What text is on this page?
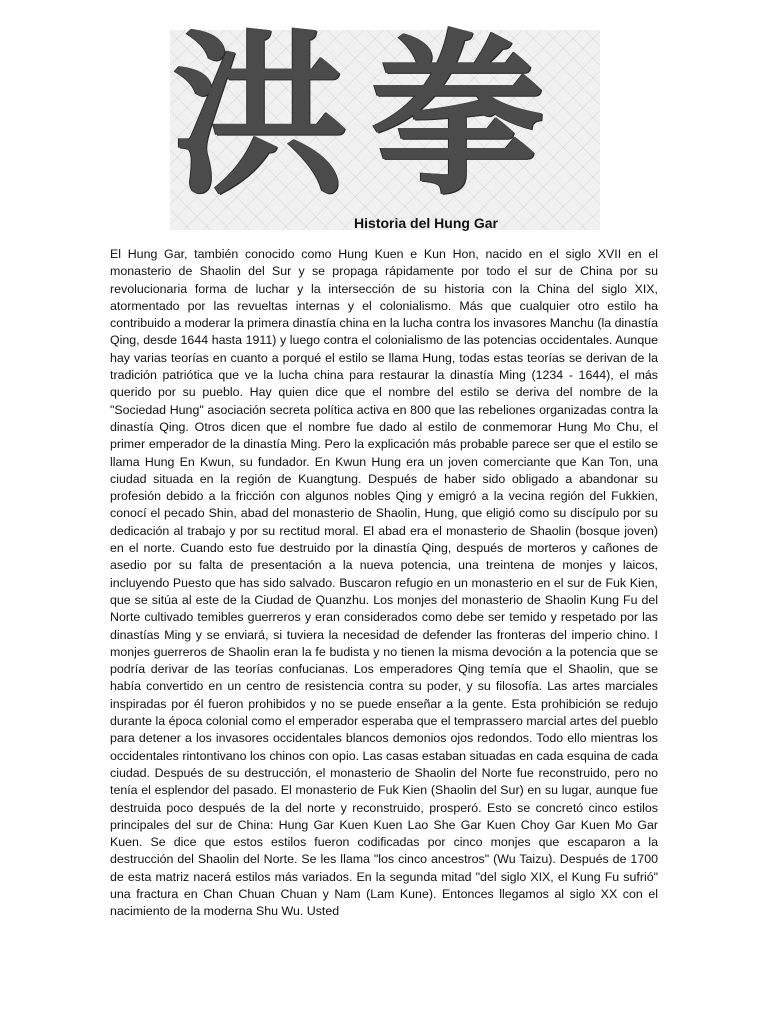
洪拳
Historia del Hung Gar

El Hung Gar, también conocido como Hung Kuen e Kun Hon, nacido en el siglo XVII en el monasterio de Shaolin del Sur y se propaga rápidamente por todo el sur de China por su revolucionaria forma de luchar y la intersección de su historia con la China del siglo XIX, atormentado por las revueltas internas y el colonialismo. Más que cualquier otro estilo ha contribuido a moderar la primera dinastía china en la lucha contra los invasores Manchu (la dinastía Qing, desde 1644 hasta 1911) y luego contra el colonialismo de las potencias occidentales. Aunque hay varias teorías en cuanto a porqué el estilo se llama Hung, todas estas teorías se derivan de la tradición patriótica que ve la lucha china para restaurar la dinastía Ming (1234 - 1644), el más querido por su pueblo. Hay quien dice que el nombre del estilo se deriva del nombre de la "Sociedad Hung" asociación secreta política activa en 800 que las rebeliones organizadas contra la dinastía Qing. Otros dicen que el nombre fue dado al estilo de conmemorar Hung Mo Chu, el primer emperador de la dinastía Ming. Pero la explicación más probable parece ser que el estilo se llama Hung En Kwun, su fundador. En Kwun Hung era un joven comerciante que Kan Ton, una ciudad situada en la región de Kuangtung. Después de haber sido obligado a abandonar su profesión debido a la fricción con algunos nobles Qing y emigró a la vecina región del Fukkien, conocí el pecado Shin, abad del monasterio de Shaolin, Hung, que eligió como su discípulo por su dedicación al trabajo y por su rectitud moral. El abad era el monasterio de Shaolin (bosque joven) en el norte. Cuando esto fue destruido por la dinastía Qing, después de morteros y cañones de asedio por su falta de presentación a la nueva potencia, una treintena de monjes y laicos, incluyendo Puesto que has sido salvado. Buscaron refugio en un monasterio en el sur de Fuk Kien, que se sitúa al este de la Ciudad de Quanzhu. Los monjes del monasterio de Shaolin Kung Fu del Norte cultivado temibles guerreros y eran considerados como debe ser temido y respetado por las dinastías Ming y se enviará, si tuviera la necesidad de defender las fronteras del imperio chino. I monjes guerreros de Shaolin eran la fe budista y no tienen la misma devoción a la potencia que se podría derivar de las teorías confucianas. Los emperadores Qing temía que el Shaolin, que se había convertido en un centro de resistencia contra su poder, y su filosofía. Las artes marciales inspiradas por él fueron prohibidos y no se puede enseñar a la gente. Esta prohibición se redujo durante la época colonial como el emperador esperaba que el temprassero marcial artes del pueblo para detener a los invasores occidentales blancos demonios ojos redondos. Todo ello mientras los occidentales rintontivano los chinos con opio. Las casas estaban situadas en cada esquina de cada ciudad. Después de su destrucción, el monasterio de Shaolin del Norte fue reconstruido, pero no tenía el esplendor del pasado. El monasterio de Fuk Kien (Shaolin del Sur) en su lugar, aunque fue destruida poco después de la del norte y reconstruido, prosperó. Esto se concretó cinco estilos principales del sur de China: Hung Gar Kuen Kuen Lao She Gar Kuen Choy Gar Kuen Mo Gar Kuen. Se dice que estos estilos fueron codificadas por cinco monjes que escaparon a la destrucción del Shaolin del Norte. Se les llama "los cinco ancestros" (Wu Taizu). Después de 1700 de esta matriz nacerá estilos más variados. En la segunda mitad "del siglo XIX, el Kung Fu sufrió" una fractura en Chan Chuan Chuan y Nam (Lam Kune). Entonces llegamos al siglo XX con el nacimiento de la moderna Shu Wu. Usted
